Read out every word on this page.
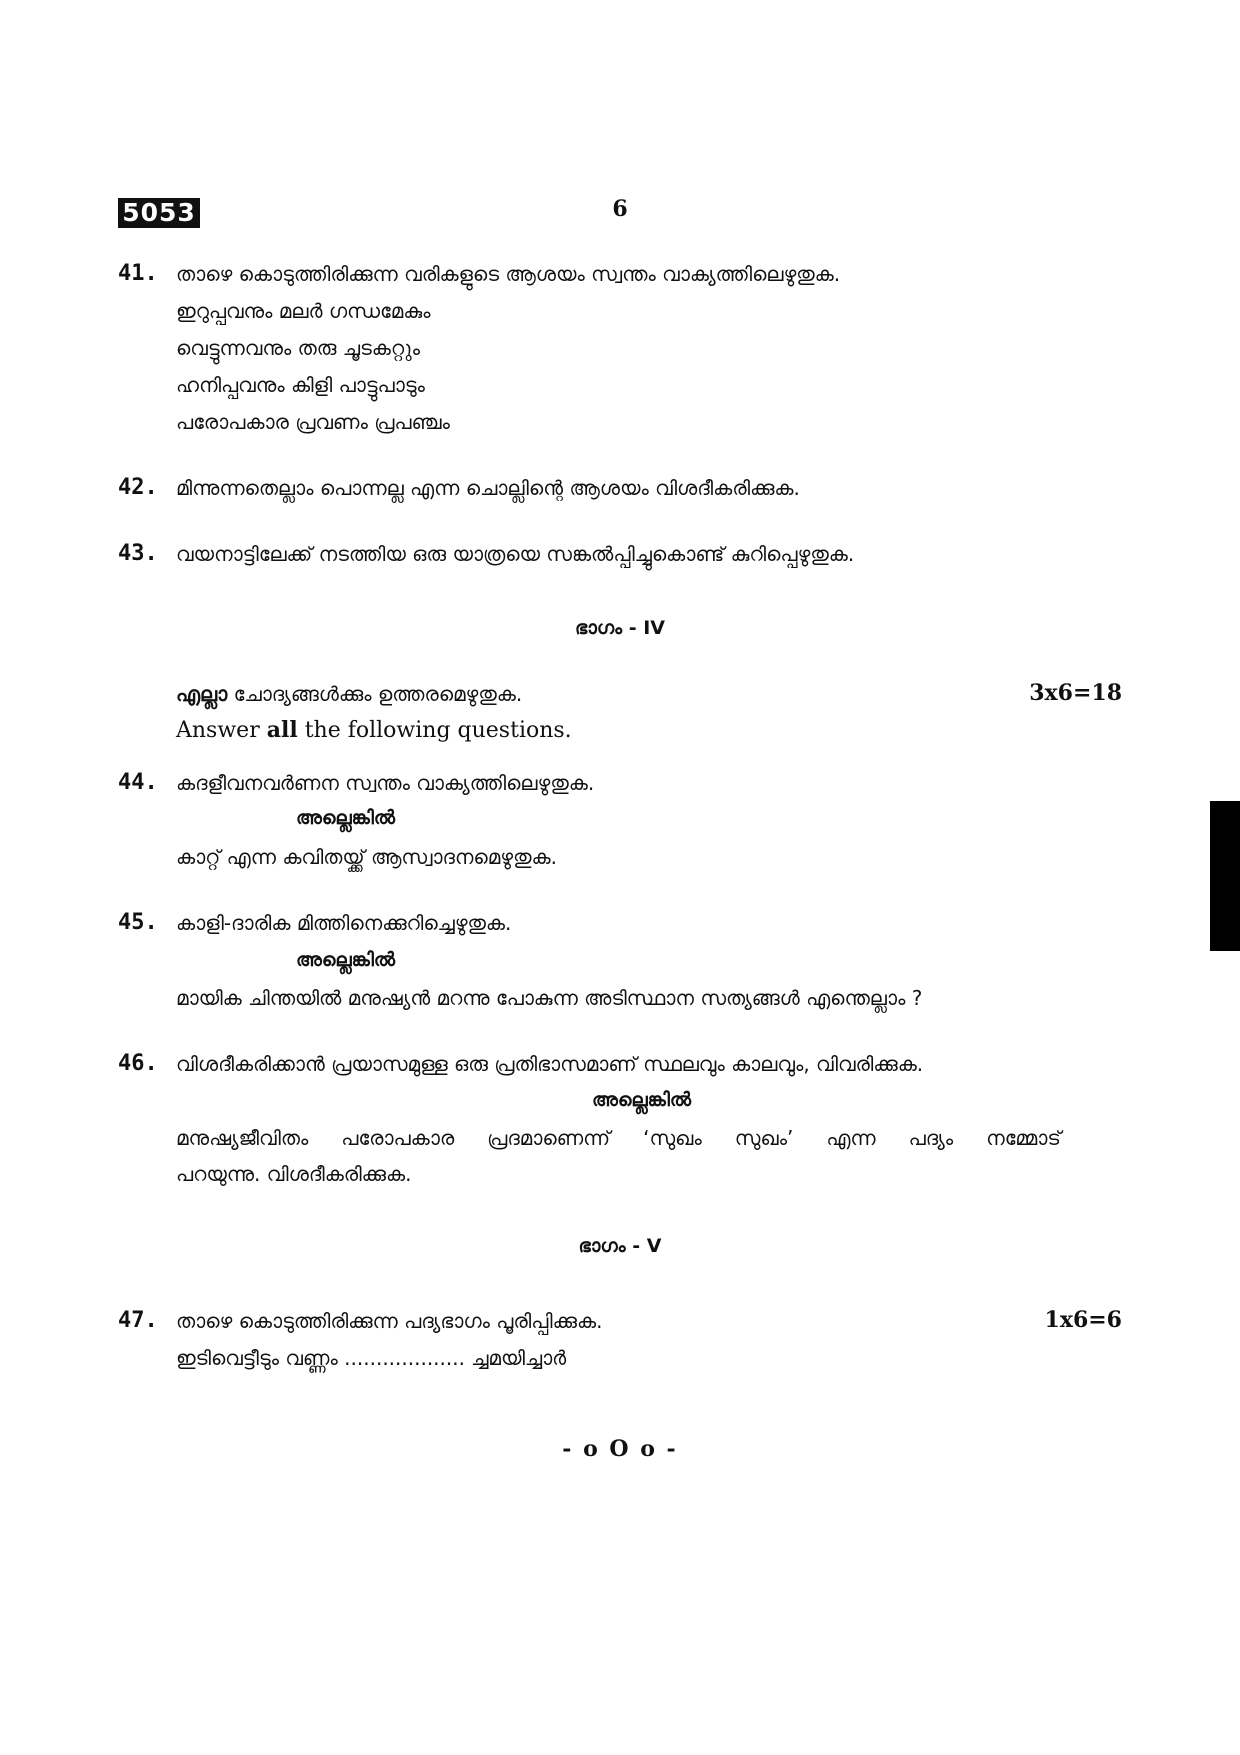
5053	6
41. താഴെ കൊടുത്തിരിക്കുന്ന വരികളുടെ ആശയം സ്വന്തം വാക്യത്തിലെഴുതുക.
ഇറുപ്പവനും മലർ ഗന്ധമേകും
വെട്ടുന്നവനും തരു ചൂടകറ്റും
ഹനിപ്പവനും കിളി പാട്ടുപാടും
പരോപകാര പ്രവണം പ്രപഞ്ചം
42. മിന്നുന്നതെല്ലാം പൊന്നല്ല എന്ന ചൊല്ലിന്റെ ആശയം വിശദീകരിക്കുക.
43. വയനാട്ടിലേക്ക് നടത്തിയ ഒരു യാത്രയെ സങ്കൽപ്പിച്ചുകൊണ്ട് കുറിപ്പെഴുതുക.
ഭാഗം - IV
എല്ലാ ചോദ്യങ്ങൾക്കും ഉത്തരമെഴുതുക.	3x6=18
Answer all the following questions.
44. കദളീവനവർണന സ്വന്തം വാക്യത്തിലെഴുതുക.
അല്ലെങ്കിൽ
കാറ്റ് എന്ന കവിതയ്ക്ക് ആസ്വാദനമെഴുതുക.
45. കാളി-ദാരിക മിത്തിനെക്കുറിച്ചെഴുതുക.
അല്ലെങ്കിൽ
മായിക ചിന്തയിൽ മനുഷ്യൻ മറന്നു പോകുന്ന അടിസ്ഥാന സത്യങ്ങൾ എന്തെല്ലാം ?
46. വിശദീകരിക്കാൻ പ്രയാസമുള്ള ഒരു പ്രതിഭാസമാണ് സ്ഥലവും കാലവും, വിവരിക്കുക.
അല്ലെങ്കിൽ
മനുഷ്യജീവിതം പരോപകാര പ്രദമാണെന്ന് ‘സുഖം സുഖം’ എന്ന പദ്യം നമ്മോട്
പറയുന്നു. വിശദീകരിക്കുക.
ഭാഗം - V
47. താഴെ കൊടുത്തിരിക്കുന്ന പദ്യഭാഗം പൂരിപ്പിക്കുക.	1x6=6
ഇടിവെട്ടീടും വണ്ണം ................... ച്ചമയിച്ചാർ
- o O o -
